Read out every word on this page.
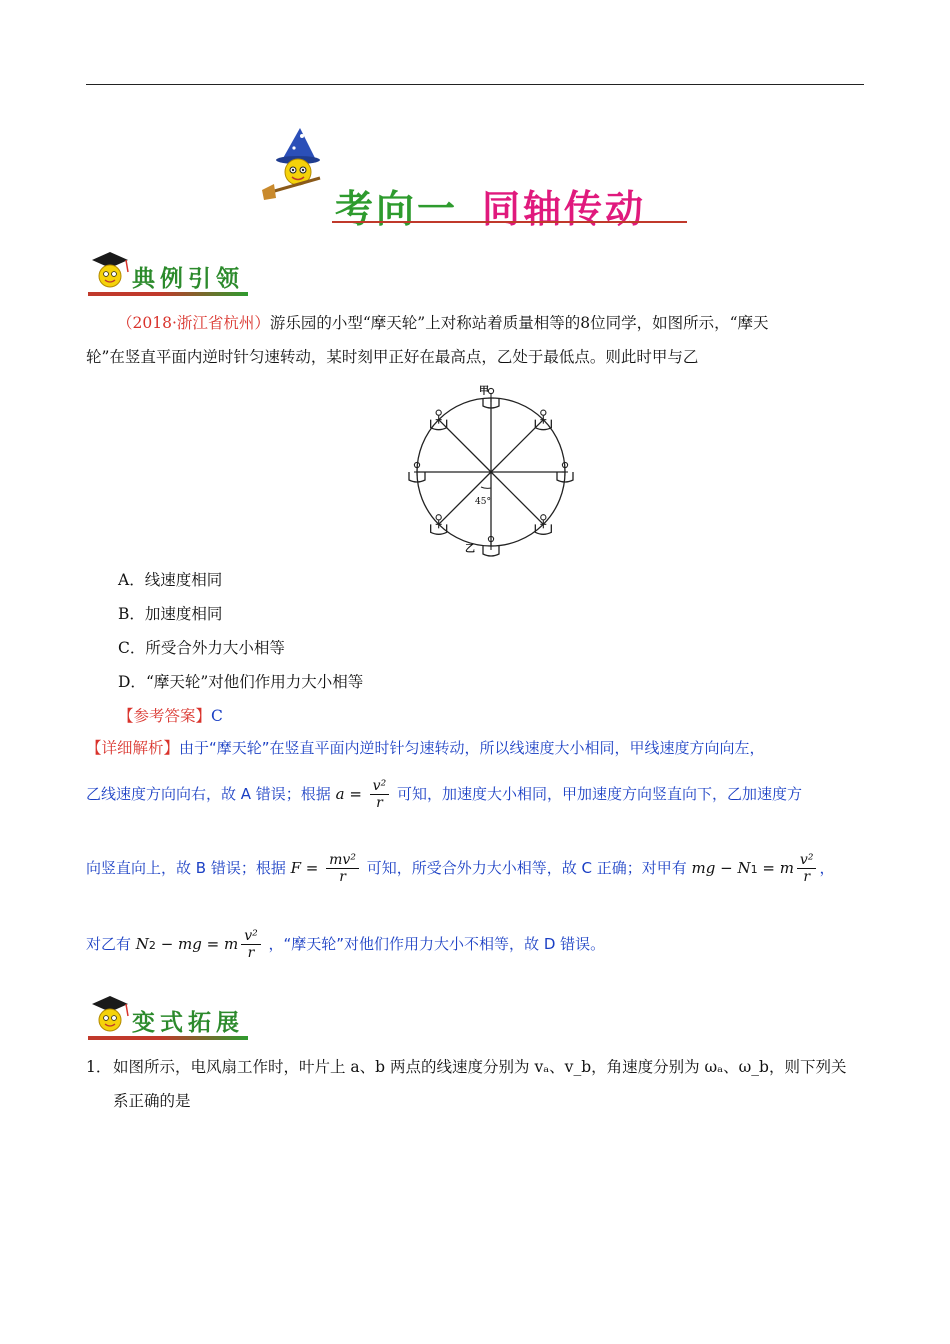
考向一 同轴传动
典例引领
（2018·浙江省杭州）游乐园的小型“摩天轮”上对称站着质量相等的8位同学，如图所示，“摩天
轮”在竖直平面内逆时针匀速转动，某时刻甲正好在最高点，乙处于最低点。则此时甲与乙
45°
甲
乙
A．线速度相同
B．加速度相同
C．所受合外力大小相等
D．“摩天轮”对他们作用力大小相等
【参考答案】C
【详细解析】由于“摩天轮”在竖直平面内逆时针匀速转动，所以线速度大小相同，甲线速度方向向左，
乙线速度方向向右，故 A 错误；根据 $a = \frac{\text{v²}}{r}$ 可知，加速度大小相同，甲加速度方向竖直向下，乙加速度方
向竖直向上，故 B 错误；根据 $F = \frac{\text{mv²}}{r}$ 可知，所受合外力大小相等，故 C 正确；对甲有 mg − N1 = m $\frac{\text{v²}}{r}$ ，
对乙有 N2 − mg = m $\frac{\text{v²}}{r}$ ，“摩天轮”对他们作用力大小不相等，故 D 错误。
变式拓展
1． 如图所示，电风扇工作时，叶片上 a、b 两点的线速度分别为 vₐ、v_b，角速度分别为 ωₐ、ω_b，则下列关
系正确的是
